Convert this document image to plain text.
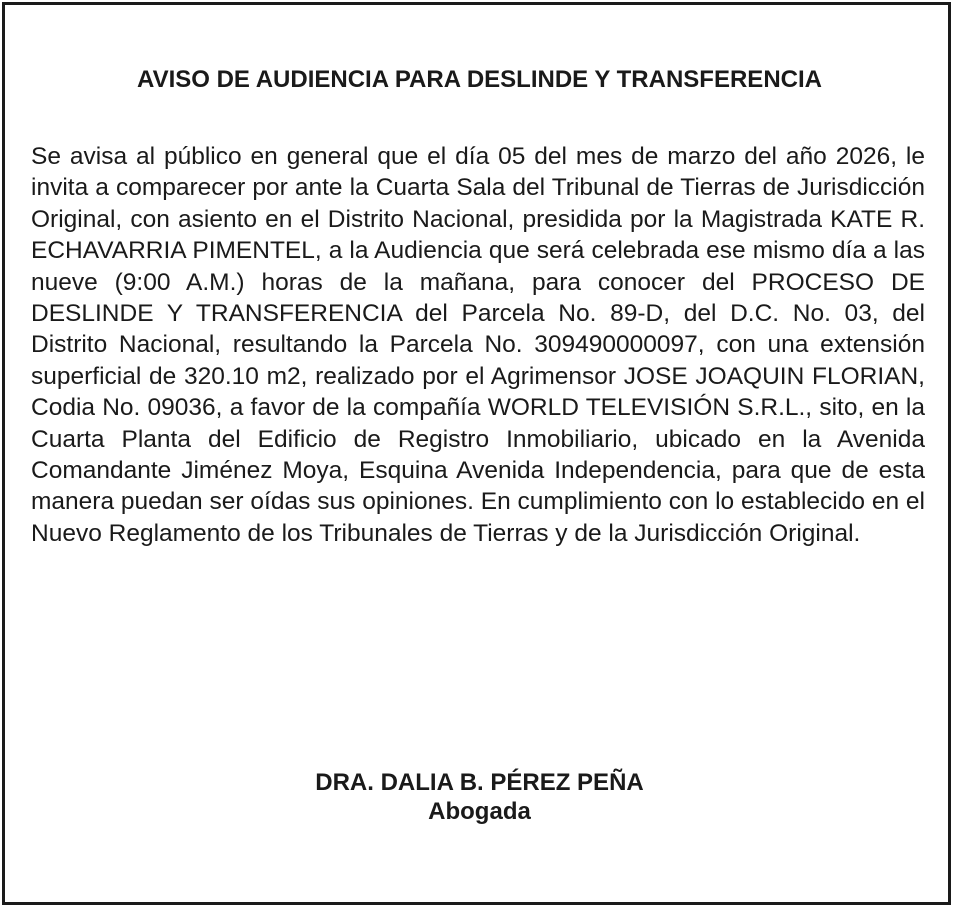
AVISO DE AUDIENCIA PARA DESLINDE Y TRANSFERENCIA

Se avisa al público en general que el día 05 del mes de marzo del año 2026, le invita a comparecer por ante la Cuarta Sala del Tribunal de Tierras de Jurisdicción Original, con asiento en el Distrito Nacional, presidida por la Magistrada KATE R. ECHAVARRIA PIMENTEL, a la Audiencia que será celebrada ese mismo día a las nueve (9:00 A.M.) horas de la mañana, para conocer del PROCESO DE DESLINDE Y TRANSFERENCIA del Parcela No. 89-D, del D.C. No. 03, del Distrito Nacional, resultando la Parcela No. 309490000097, con una extensión superficial de 320.10 m2, realizado por el Agrimensor JOSE JOAQUIN FLORIAN, Codia No. 09036, a favor de la compañía WORLD TELEVISIÓN S.R.L., sito, en la Cuarta Planta del Edificio de Registro Inmobiliario, ubicado en la Avenida Comandante Jiménez Moya, Esquina Avenida Independencia, para que de esta manera puedan ser oídas sus opiniones. En cumplimiento con lo establecido en el Nuevo Reglamento de los Tribunales de Tierras y de la Jurisdicción Original.

DRA. DALIA B. PÉREZ PEÑA
Abogada
